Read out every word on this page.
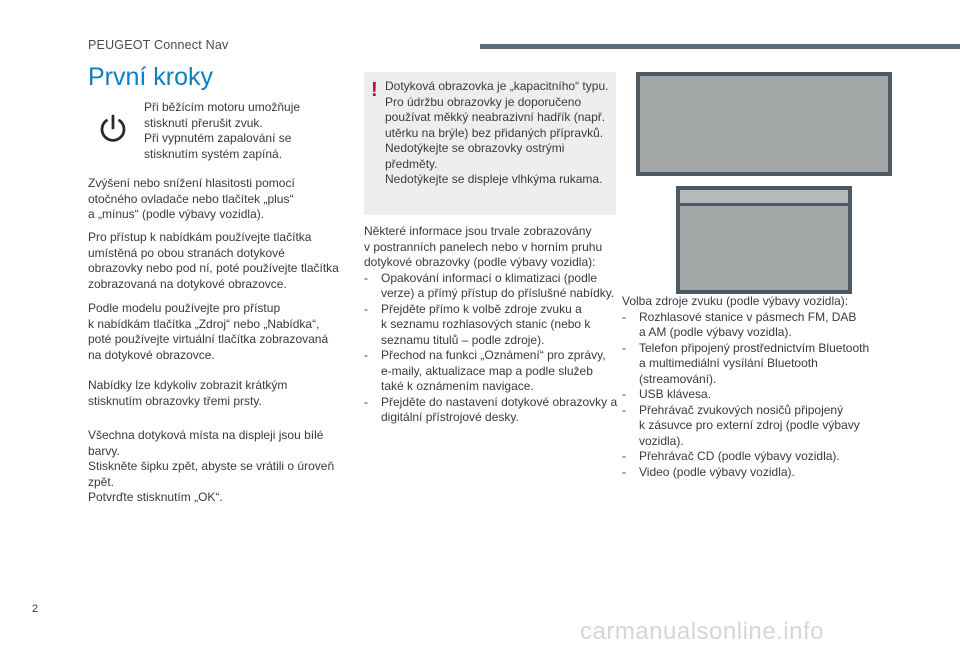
PEUGEOT Connect Nav
První kroky
Při běžícím motoru umožňuje
stisknutí přerušit zvuk.
Při vypnutém zapalování se
stisknutím systém zapíná.
Zvýšení nebo snížení hlasitosti pomocí
otočného ovladače nebo tlačítek „plus“
a „mínus“ (podle výbavy vozidla).
Pro přístup k nabídkám používejte tlačítka
umístěná po obou stranách dotykové
obrazovky nebo pod ní, poté používejte tlačítka
zobrazovaná na dotykové obrazovce.
Podle modelu používejte pro přístup
k nabídkám tlačítka „Zdroj“ nebo „Nabídka“,
poté používejte virtuální tlačítka zobrazovaná
na dotykové obrazovce.
Nabídky lze kdykoliv zobrazit krátkým
stisknutím obrazovky třemi prsty.
Všechna dotyková místa na displeji jsou bílé
barvy.
Stiskněte šipku zpět, abyste se vrátili o úroveň
zpět.
Potvrďte stisknutím „OK“.
! Dotyková obrazovka je „kapacitního“ typu.
Pro údržbu obrazovky je doporučeno
používat měkký neabrazivní hadřík (např.
utěrku na brýle) bez přidaných přípravků.
Nedotýkejte se obrazovky ostrými
předměty.
Nedotýkejte se displeje vlhkýma rukama.
Některé informace jsou trvale zobrazovány
v postranních panelech nebo v horním pruhu
dotykové obrazovky (podle výbavy vozidla):
- Opakování informací o klimatizaci (podle
verze) a přímý přístup do příslušné nabídky.
- Přejděte přímo k volbě zdroje zvuku a
k seznamu rozhlasových stanic (nebo k
seznamu titulů – podle zdroje).
- Přechod na funkci „Oznámení“ pro zprávy,
e-maily, aktualizace map a podle služeb
také k oznámením navigace.
- Přejděte do nastavení dotykové obrazovky a
digitální přístrojové desky.
Volba zdroje zvuku (podle výbavy vozidla):
- Rozhlasové stanice v pásmech FM, DAB
a AM (podle výbavy vozidla).
- Telefon připojený prostřednictvím Bluetooth
a multimediální vysílání Bluetooth
(streamování).
- USB klávesa.
- Přehrávač zvukových nosičů připojený
k zásuvce pro externí zdroj (podle výbavy
vozidla).
- Přehrávač CD (podle výbavy vozidla).
- Video (podle výbavy vozidla).
2
carmanualsonline.info
